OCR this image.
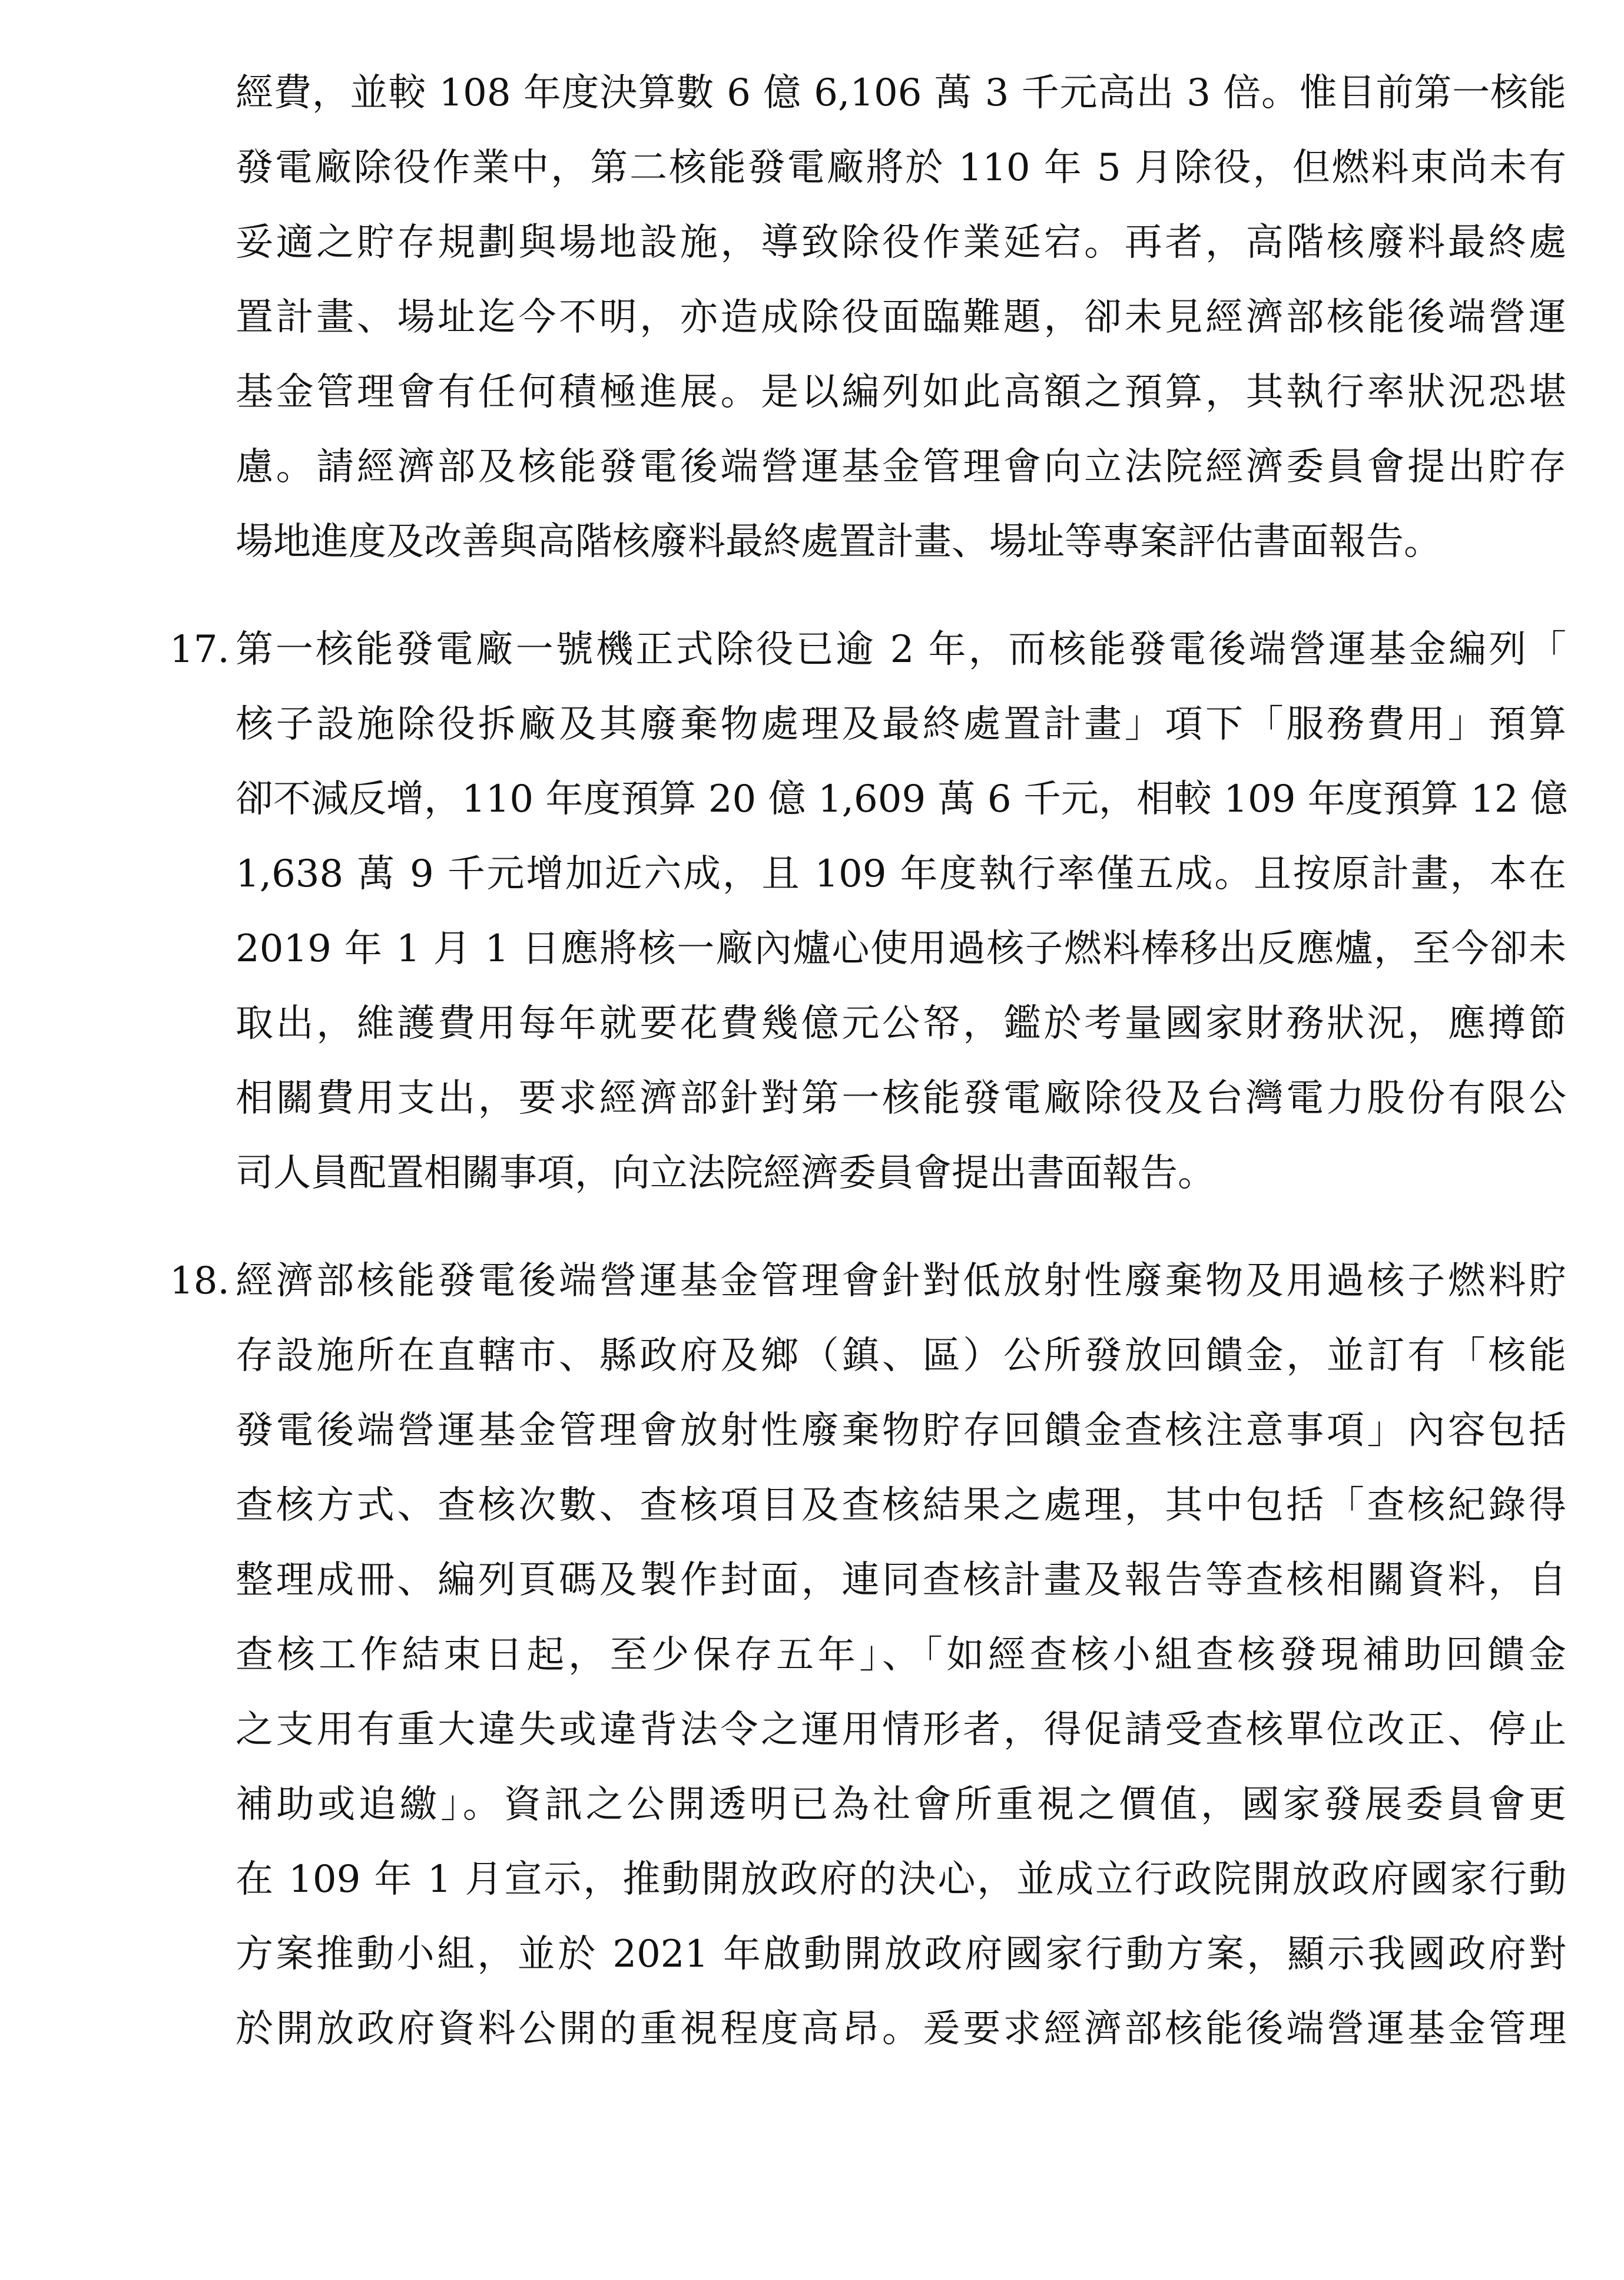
經費，並較 108 年度決算數 6 億 6,106 萬 3 千元高出 3 倍。惟目前第一核能
發電廠除役作業中，第二核能發電廠將於 110 年 5 月除役，但燃料束尚未有
妥適之貯存規劃與場地設施，導致除役作業延宕。再者，高階核廢料最終處
置計畫、場址迄今不明，亦造成除役面臨難題，卻未見經濟部核能後端營運
基金管理會有任何積極進展。是以編列如此高額之預算，其執行率狀況恐堪
慮。請經濟部及核能發電後端營運基金管理會向立法院經濟委員會提出貯存
場地進度及改善與高階核廢料最終處置計畫、場址等專案評估書面報告。
17. 第一核能發電廠一號機正式除役已逾 2 年，而核能發電後端營運基金編列「
核子設施除役拆廠及其廢棄物處理及最終處置計畫」項下「服務費用」預算
卻不減反增，110 年度預算 20 億 1,609 萬 6 千元，相較 109 年度預算 12 億
1,638 萬 9 千元增加近六成，且 109 年度執行率僅五成。且按原計畫，本在
2019 年 1 月 1 日應將核一廠內爐心使用過核子燃料棒移出反應爐，至今卻未
取出，維護費用每年就要花費幾億元公帑，鑑於考量國家財務狀況，應撙節
相關費用支出，要求經濟部針對第一核能發電廠除役及台灣電力股份有限公
司人員配置相關事項，向立法院經濟委員會提出書面報告。
18. 經濟部核能發電後端營運基金管理會針對低放射性廢棄物及用過核子燃料貯
存設施所在直轄市、縣政府及鄉（鎮、區）公所發放回饋金，並訂有「核能
發電後端營運基金管理會放射性廢棄物貯存回饋金查核注意事項」內容包括
查核方式、查核次數、查核項目及查核結果之處理，其中包括「查核紀錄得
整理成冊、編列頁碼及製作封面，連同查核計畫及報告等查核相關資料，自
查核工作結束日起，至少保存五年」、「如經查核小組查核發現補助回饋金
之支用有重大違失或違背法令之運用情形者，得促請受查核單位改正、停止
補助或追繳」。資訊之公開透明已為社會所重視之價值，國家發展委員會更
在 109 年 1 月宣示，推動開放政府的決心，並成立行政院開放政府國家行動
方案推動小組，並於 2021 年啟動開放政府國家行動方案，顯示我國政府對
於開放政府資料公開的重視程度高昂。爰要求經濟部核能後端營運基金管理
